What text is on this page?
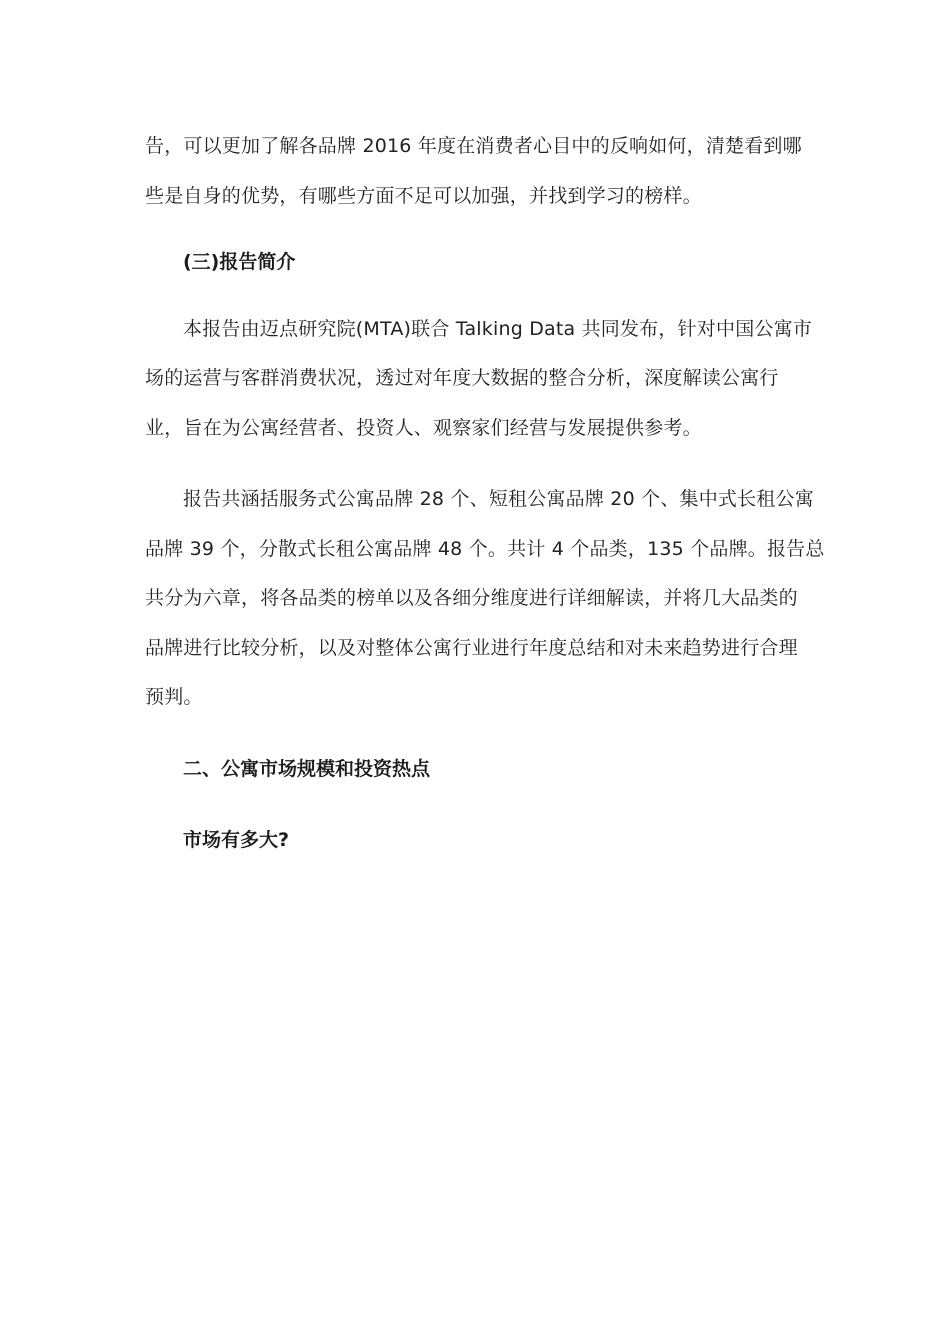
告，可以更加了解各品牌 2016 年度在消费者心目中的反响如何，清楚看到哪
些是自身的优势，有哪些方面不足可以加强，并找到学习的榜样。

(三)报告简介

本报告由迈点研究院(MTA)联合 Talking Data 共同发布，针对中国公寓市
场的运营与客群消费状况，透过对年度大数据的整合分析，深度解读公寓行
业，旨在为公寓经营者、投资人、观察家们经营与发展提供参考。

报告共涵括服务式公寓品牌 28 个、短租公寓品牌 20 个、集中式长租公寓
品牌 39 个，分散式长租公寓品牌 48 个。共计 4 个品类，135 个品牌。报告总
共分为六章，将各品类的榜单以及各细分维度进行详细解读，并将几大品类的
品牌进行比较分析，以及对整体公寓行业进行年度总结和对未来趋势进行合理
预判。

二、公寓市场规模和投资热点
市场有多大?
